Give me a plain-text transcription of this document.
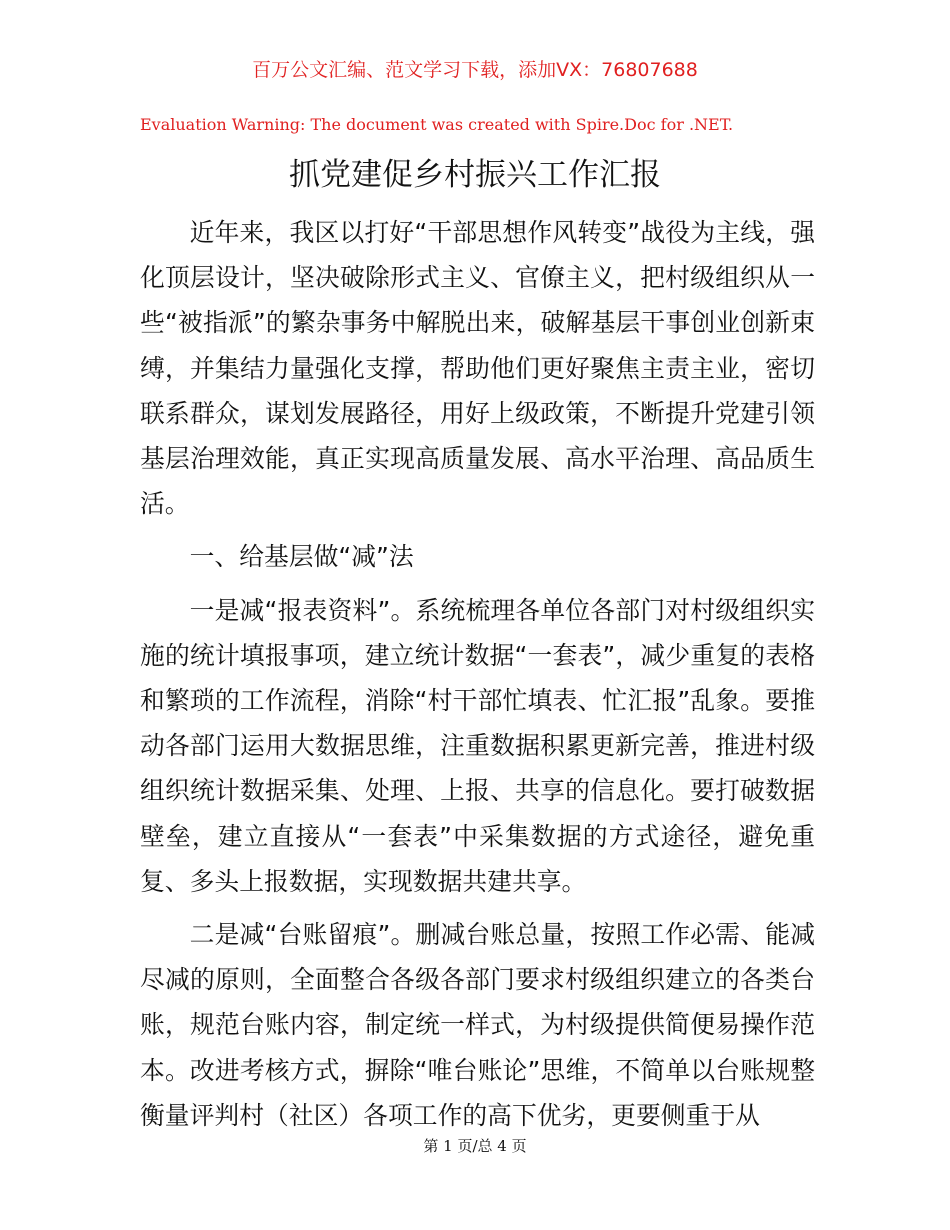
百万公文汇编、范文学习下载，添加VX：76807688
Evaluation Warning: The document was created with Spire.Doc for .NET.
抓党建促乡村振兴工作汇报

近年来，我区以打好“干部思想作风转变”战役为主线，强化顶层设计，坚决破除形式主义、官僚主义，把村级组织从一些“被指派”的繁杂事务中解脱出来，破解基层干事创业创新束缚，并集结力量强化支撑，帮助他们更好聚焦主责主业，密切联系群众，谋划发展路径，用好上级政策，不断提升党建引领基层治理效能，真正实现高质量发展、高水平治理、高品质生活。

一、给基层做“减”法

一是减“报表资料”。系统梳理各单位各部门对村级组织实施的统计填报事项，建立统计数据“一套表”，减少重复的表格和繁琐的工作流程，消除“村干部忙填表、忙汇报”乱象。要推动各部门运用大数据思维，注重数据积累更新完善，推进村级组织统计数据采集、处理、上报、共享的信息化。要打破数据壁垒，建立直接从“一套表”中采集数据的方式途径，避免重复、多头上报数据，实现数据共建共享。

二是减“台账留痕”。删减台账总量，按照工作必需、能减尽减的原则，全面整合各级各部门要求村级组织建立的各类台账，规范台账内容，制定统一样式，为村级提供简便易操作范本。改进考核方式，摒除“唯台账论”思维，不简单以台账规整衡量评判村（社区）各项工作的高下优劣，更要侧重于从

第 1 页/总 4 页
